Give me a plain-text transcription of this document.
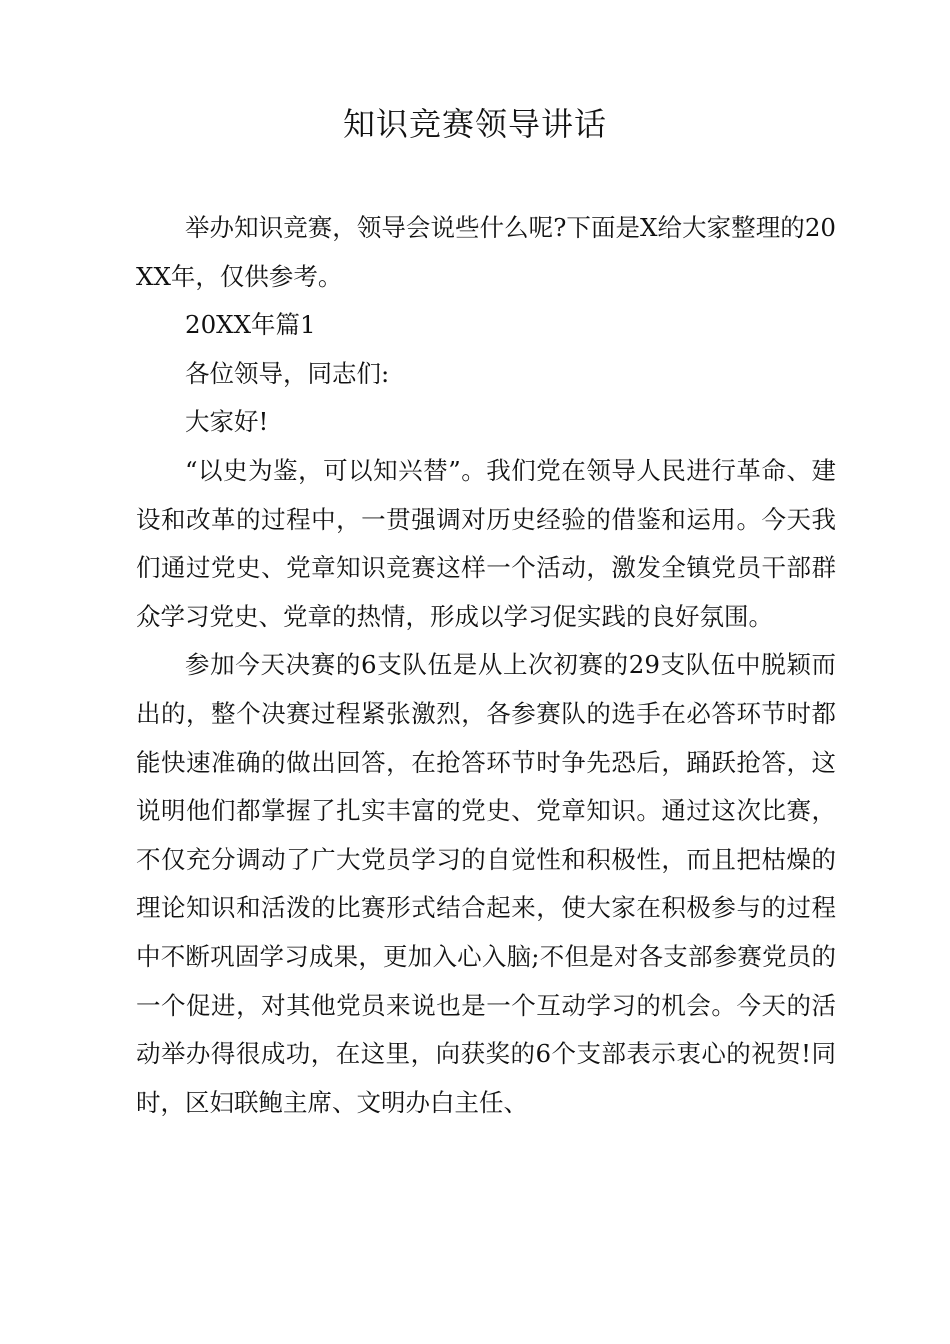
知识竞赛领导讲话

举办知识竞赛，领导会说些什么呢?下面是X给大家整理的20XX年，仅供参考。

20XX年篇1

各位领导，同志们:

大家好!

“以史为鉴，可以知兴替”。我们党在领导人民进行革命、建设和改革的过程中，一贯强调对历史经验的借鉴和运用。今天我们通过党史、党章知识竞赛这样一个活动，激发全镇党员干部群众学习党史、党章的热情，形成以学习促实践的良好氛围。

参加今天决赛的6支队伍是从上次初赛的29支队伍中脱颖而出的，整个决赛过程紧张激烈，各参赛队的选手在必答环节时都能快速准确的做出回答，在抢答环节时争先恐后，踊跃抢答，这说明他们都掌握了扎实丰富的党史、党章知识。通过这次比赛，不仅充分调动了广大党员学习的自觉性和积极性，而且把枯燥的理论知识和活泼的比赛形式结合起来，使大家在积极参与的过程中不断巩固学习成果，更加入心入脑;不但是对各支部参赛党员的一个促进，对其他党员来说也是一个互动学习的机会。今天的活动举办得很成功，在这里，向获奖的6个支部表示衷心的祝贺!同时，区妇联鲍主席、文明办白主任、
